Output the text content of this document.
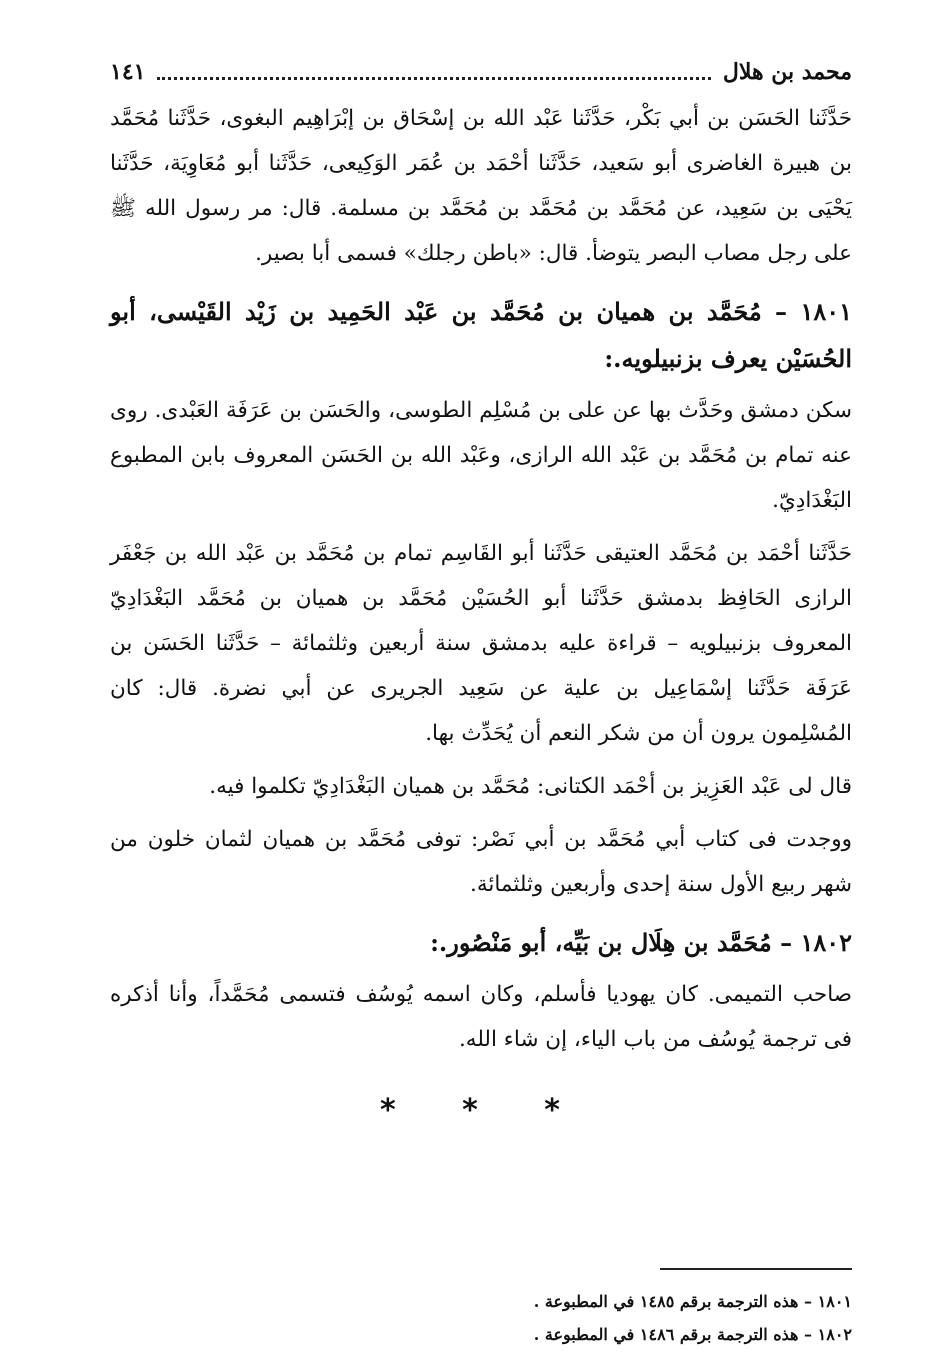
١٤١	محمد بن هلال

حَدَّثَنا الحَسَن بن أبي بَكْر، حَدَّثَنا عَبْد الله بن إسْحَاق بن إبْرَاهِيم البغوى، حَدَّثَنا مُحَمَّد بن هبيرة الغاضرى أبو سَعيد، حَدَّثَنا أحْمَد بن عُمَر الوَكِيعى، حَدَّثَنا أبو مُعَاوِيَة، حَدَّثَنا يَحْيَى بن سَعِيد، عن مُحَمَّد بن مُحَمَّد بن مُحَمَّد بن مسلمة. قال: مر رسول الله ﷺ على رجل مصاب البصر يتوضأ. قال: «باطن رجلك» فسمى أبا بصير.

١٨٠١ – مُحَمَّد بن هميان بن مُحَمَّد بن عَبْد الحَمِيد بن زَيْد القَيْسى، أبو الحُسَيْن يعرف بزنبيلويه.:

سكن دمشق وحَدَّث بها عن على بن مُسْلِم الطوسى، والحَسَن بن عَرَفَة العَبْدى. روى عنه تمام بن مُحَمَّد بن عَبْد الله الرازى، وعَبْد الله بن الحَسَن المعروف بابن المطبوع البَغْدَادِيّ.

حَدَّثَنا أحْمَد بن مُحَمَّد العتيقى حَدَّثَنا أبو القَاسِم تمام بن مُحَمَّد بن عَبْد الله بن جَعْفَر الرازى الحَافِظ بدمشق حَدَّثَنا أبو الحُسَيْن مُحَمَّد بن هميان بن مُحَمَّد البَغْدَادِيّ المعروف بزنبيلويه – قراءة عليه بدمشق سنة أربعين وثلثمائة – حَدَّثَنا الحَسَن بن عَرَفَة حَدَّثَنا إسْمَاعِيل بن علية عن سَعِيد الجريرى عن أبي نضرة. قال: كان المُسْلِمون يرون أن من شكر النعم أن يُحَدِّث بها.

قال لى عَبْد العَزِيز بن أحْمَد الكتانى: مُحَمَّد بن هميان البَغْدَادِيّ تكلموا فيه.

ووجدت فى كتاب أبي مُحَمَّد بن أبي نَصْر: توفى مُحَمَّد بن هميان لثمان خلون من شهر ربيع الأول سنة إحدى وأربعين وثلثمائة.

١٨٠٢ – مُحَمَّد بن هِلَال بن بَيِّه، أبو مَنْصُور.:

صاحب التميمى. كان يهوديا فأسلم، وكان اسمه يُوسُف فتسمى مُحَمَّداً، وأنا أذكره فى ترجمة يُوسُف من باب الياء، إن شاء الله.

* * *
١٨٠١ – هذه الترجمة برقم ١٤٨٥ في المطبوعة .
١٨٠٢ – هذه الترجمة برقم ١٤٨٦ في المطبوعة .
